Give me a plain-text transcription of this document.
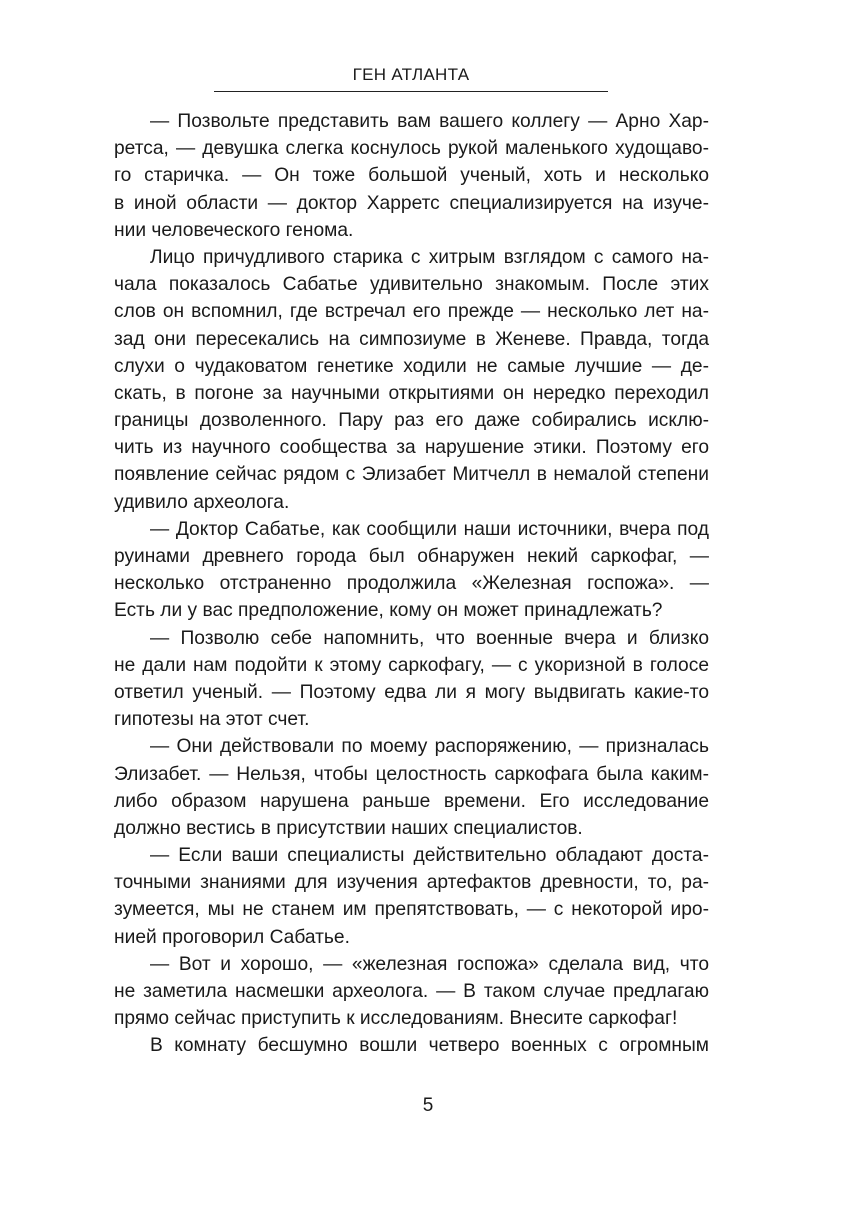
ГЕН АТЛАНТА
— Позвольте представить вам вашего коллегу — Арно Хар-
ретса, — девушка слегка коснулось рукой маленького худощаво-
го старичка. — Он тоже большой ученый, хоть и несколько
в иной области — доктор Харретс специализируется на изуче-
нии человеческого генома.
Лицо причудливого старика с хитрым взглядом с самого на-
чала показалось Сабатье удивительно знакомым. После этих
слов он вспомнил, где встречал его прежде — несколько лет на-
зад они пересекались на симпозиуме в Женеве. Правда, тогда
слухи о чудаковатом генетике ходили не самые лучшие — де-
скать, в погоне за научными открытиями он нередко переходил
границы дозволенного. Пару раз его даже собирались исклю-
чить из научного сообщества за нарушение этики. Поэтому его
появление сейчас рядом с Элизабет Митчелл в немалой степени
удивило археолога.
— Доктор Сабатье, как сообщили наши источники, вчера под
руинами древнего города был обнаружен некий саркофаг, —
несколько отстраненно продолжила «Железная госпожа». —
Есть ли у вас предположение, кому он может принадлежать?
— Позволю себе напомнить, что военные вчера и близко
не дали нам подойти к этому саркофагу, — с укоризной в голосе
ответил ученый. — Поэтому едва ли я могу выдвигать какие-то
гипотезы на этот счет.
— Они действовали по моему распоряжению, — призналась
Элизабет. — Нельзя, чтобы целостность саркофага была каким-
либо образом нарушена раньше времени. Его исследование
должно вестись в присутствии наших специалистов.
— Если ваши специалисты действительно обладают доста-
точными знаниями для изучения артефактов древности, то, ра-
зумеется, мы не станем им препятствовать, — с некоторой иро-
нией проговорил Сабатье.
— Вот и хорошо, — «железная госпожа» сделала вид, что
не заметила насмешки археолога. — В таком случае предлагаю
прямо сейчас приступить к исследованиям. Внесите саркофаг!
В комнату бесшумно вошли четверо военных с огромным
5
